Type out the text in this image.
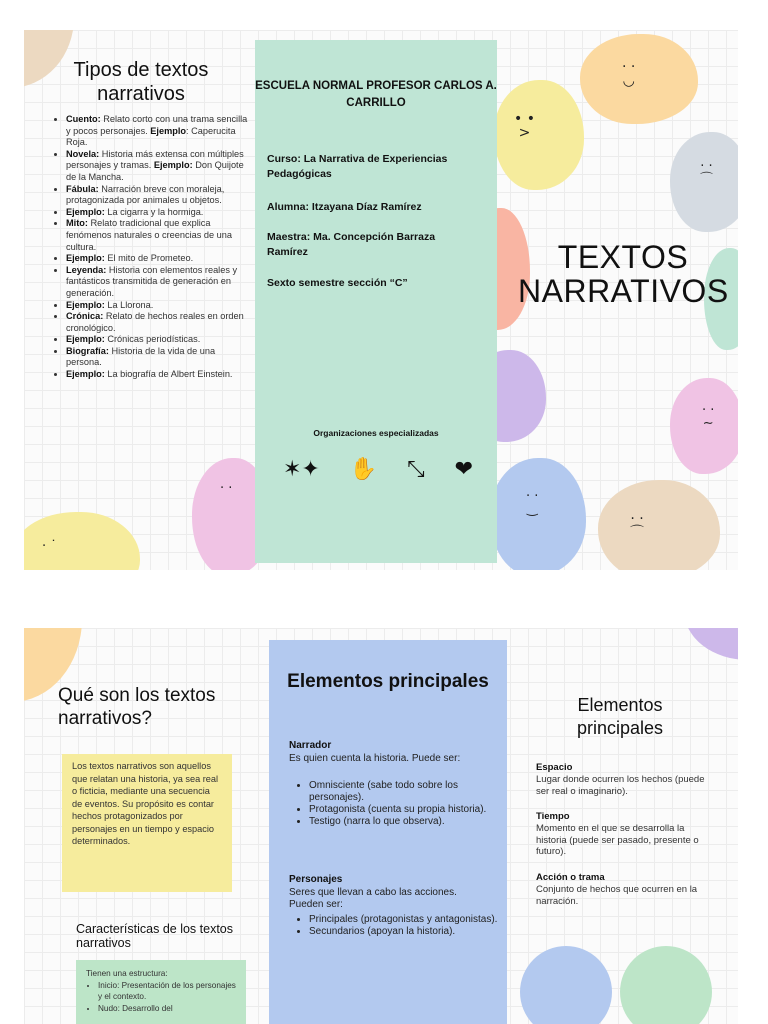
· ˙
· ·
• •
>
· ·
‿
· ·
◡
· ·
⌒
· ·
∼
· ·
⌒
Tipos de textos narrativos
• Cuento: Relato corto con una trama sencilla y pocos personajes. Ejemplo: Caperucita Roja.
• Novela: Historia más extensa con múltiples personajes y tramas. Ejemplo: Don Quijote de la Mancha.
• Fábula: Narración breve con moraleja, protagonizada por animales u objetos.
• Ejemplo: La cigarra y la hormiga.
• Mito: Relato tradicional que explica fenómenos naturales o creencias de una cultura.
• Ejemplo: El mito de Prometeo.
• Leyenda: Historia con elementos reales y fantásticos transmitida de generación en generación.
• Ejemplo: La Llorona.
• Crónica: Relato de hechos reales en orden cronológico.
• Ejemplo: Crónicas periodísticas.
• Biografía: Historia de la vida de una persona.
• Ejemplo: La biografía de Albert Einstein.
ESCUELA NORMAL PROFESOR CARLOS A. CARRILLO
Curso: La Narrativa de Experiencias Pedagógicas
Alumna: Itzayana Díaz Ramírez
Maestra: Ma. Concepción Barraza Ramírez
Sexto semestre sección “C”
Organizaciones especializadas
✶✦ ✋ ⤡ ❤
TEXTOS
NARRATIVOS
Qué son los textos narrativos?
Los textos narrativos son aquellos que relatan una historia, ya sea real o ficticia, mediante una secuencia de eventos. Su propósito es contar hechos protagonizados por personajes en un tiempo y espacio determinados.
Características de los textos narrativos
Tienen una estructura:
• Inicio: Presentación de los personajes y el contexto.
• Nudo: Desarrollo del
Elementos principales
Narrador
Es quien cuenta la historia. Puede ser:
• Omnisciente (sabe todo sobre los personajes).
• Protagonista (cuenta su propia historia).
• Testigo (narra lo que observa).
Personajes
Seres que llevan a cabo las acciones. Pueden ser:
• Principales (protagonistas y antagonistas).
• Secundarios (apoyan la historia).
Elementos principales
Espacio
Lugar donde ocurren los hechos (puede ser real o imaginario).
Tiempo
Momento en el que se desarrolla la historia (puede ser pasado, presente o futuro).
Acción o trama
Conjunto de hechos que ocurren en la narración.
